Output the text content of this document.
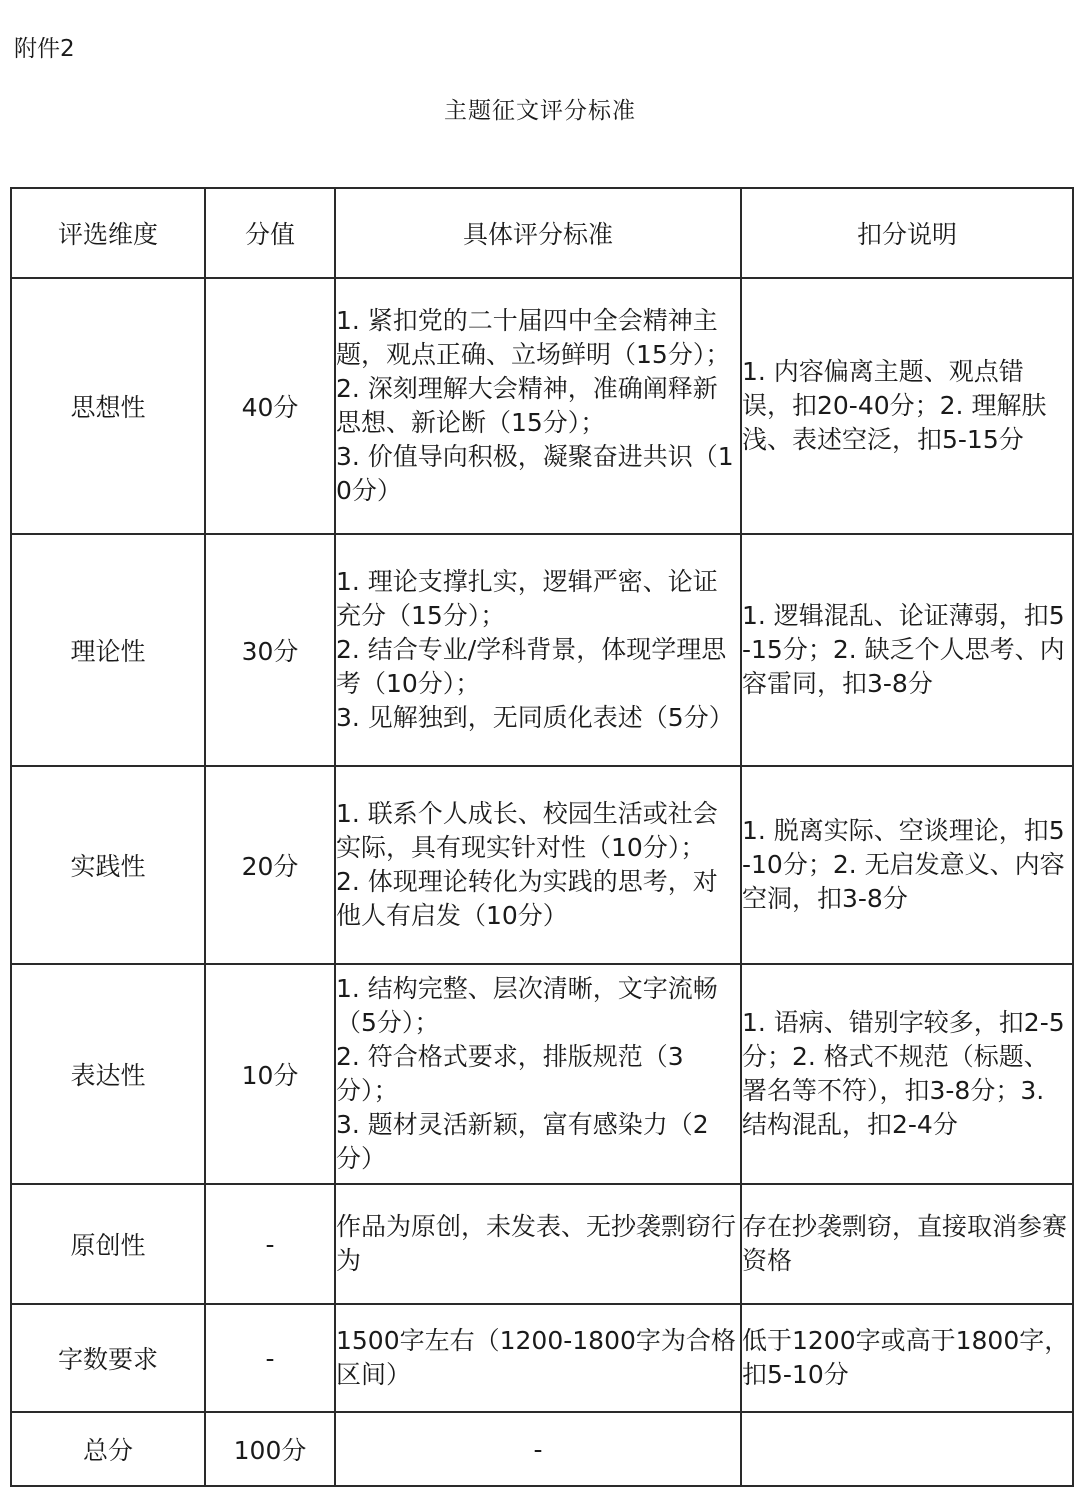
附件2
主题征文评分标准
评选维度	分值	具体评分标准	扣分说明
思想性	40分	1. 紧扣党的二十届四中全会精神主题，观点正确、立场鲜明（15分）；
2. 深刻理解大会精神，准确阐释新思想、新论断（15分）；
3. 价值导向积极，凝聚奋进共识（10分）	1. 内容偏离主题、观点错误，扣20-40分；2. 理解肤浅、表述空泛，扣5-15分
理论性	30分	1. 理论支撑扎实，逻辑严密、论证充分（15分）；
2. 结合专业/学科背景，体现学理思考（10分）；
3. 见解独到，无同质化表述（5分）	1. 逻辑混乱、论证薄弱，扣5-15分；2. 缺乏个人思考、内容雷同，扣3-8分
实践性	20分	1. 联系个人成长、校园生活或社会实际，具有现实针对性（10分）；
2. 体现理论转化为实践的思考，对他人有启发（10分）	1. 脱离实际、空谈理论，扣5-10分；2. 无启发意义、内容空洞，扣3-8分
表达性	10分	1. 结构完整、层次清晰，文字流畅（5分）；
2. 符合格式要求，排版规范（3分）；
3. 题材灵活新颖，富有感染力（2分）	1. 语病、错别字较多，扣2-5分；2. 格式不规范（标题、署名等不符），扣3-8分；3. 结构混乱，扣2-4分
原创性	-	作品为原创，未发表、无抄袭剽窃行为	存在抄袭剽窃，直接取消参赛资格
字数要求	-	1500字左右（1200-1800字为合格区间）	低于1200字或高于1800字，扣5-10分
总分	100分	-	
